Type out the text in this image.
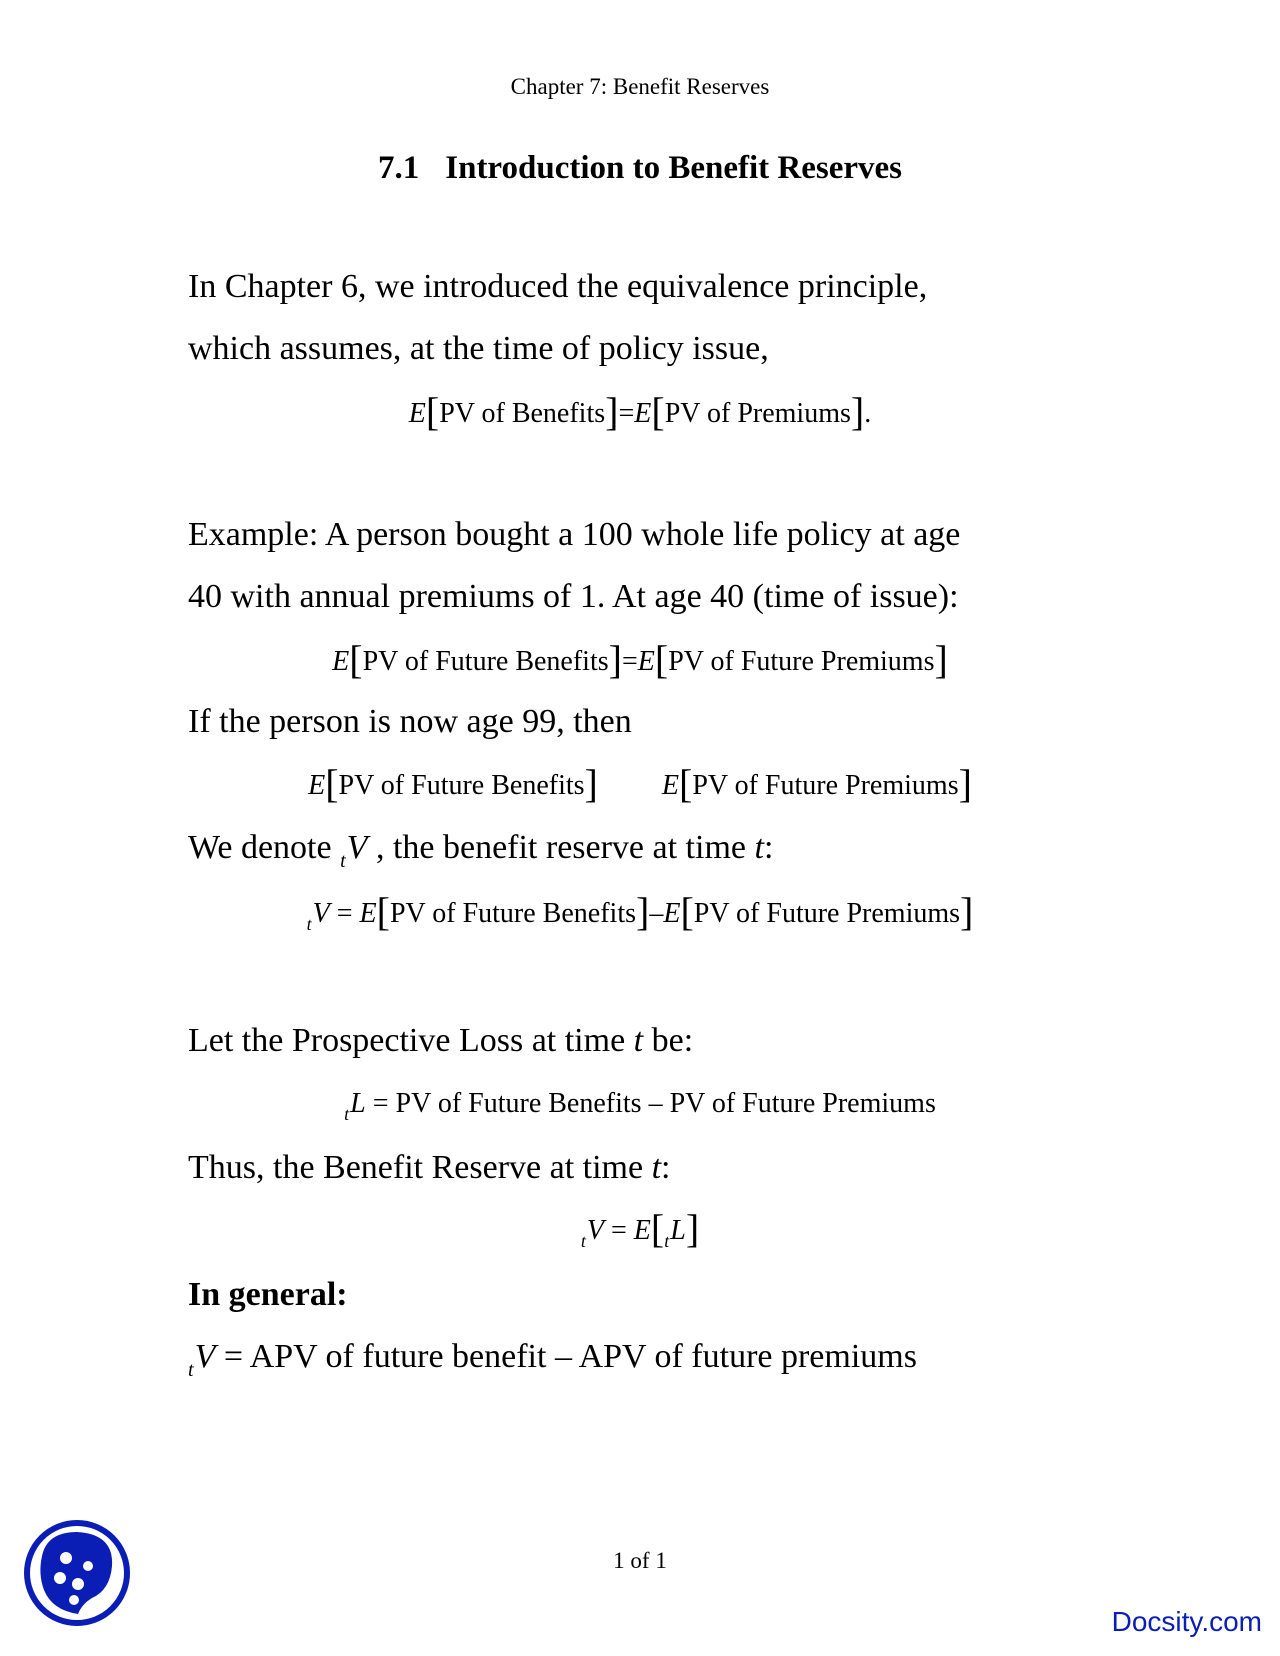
Chapter 7: Benefit Reserves
7.1 Introduction to Benefit Reserves
In Chapter 6, we introduced the equivalence principle,
which assumes, at the time of policy issue,
E[PV of Benefits]=E[PV of Premiums].
Example: A person bought a 100 whole life policy at age
40 with annual premiums of 1. At age 40 (time of issue):
E[PV of Future Benefits]=E[PV of Future Premiums]
If the person is now age 99, then
E[PV of Future Benefits] E[PV of Future Premiums]
We denote $_t$V , the benefit reserve at time t:
$_t$V = E[PV of Future Benefits]–E[PV of Future Premiums]
Let the Prospective Loss at time t be:
$_t$L = PV of Future Benefits – PV of Future Premiums
Thus, the Benefit Reserve at time t:
$_tV = E[_tL]$
In general:
$_t$V = APV of future benefit – APV of future premiums
1 of 1
Docsity.com
